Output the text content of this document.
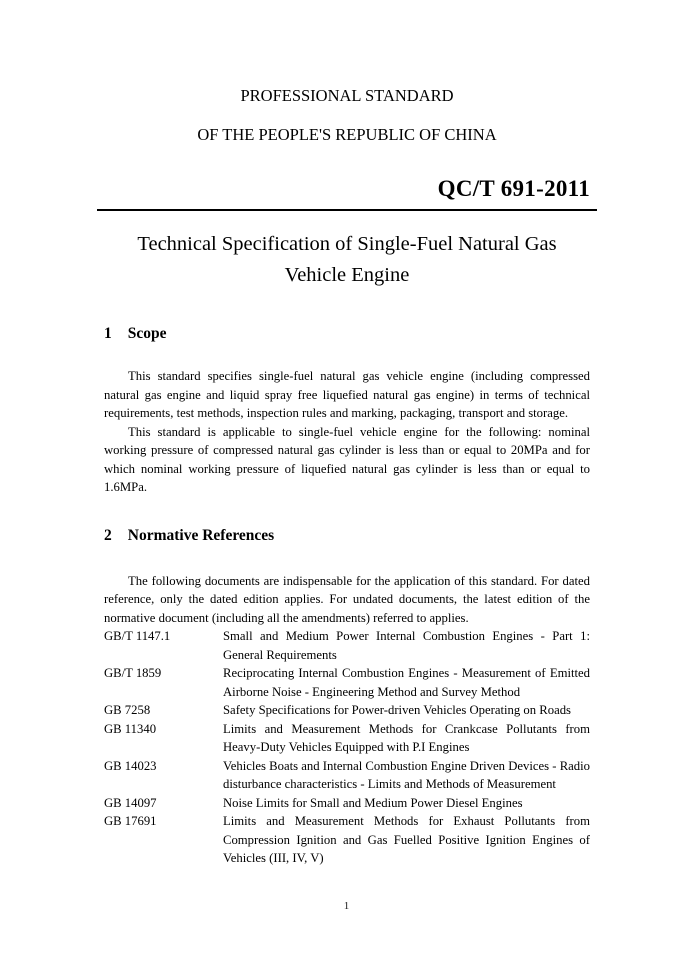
PROFESSIONAL STANDARD
OF THE PEOPLE'S REPUBLIC OF CHINA
QC/T 691-2011
Technical Specification of Single-Fuel Natural Gas
Vehicle Engine
1 Scope

This standard specifies single-fuel natural gas vehicle engine (including compressed natural gas engine and liquid spray free liquefied natural gas engine) in terms of technical requirements, test methods, inspection rules and marking, packaging, transport and storage.

This standard is applicable to single-fuel vehicle engine for the following: nominal working pressure of compressed natural gas cylinder is less than or equal to 20MPa and for which nominal working pressure of liquefied natural gas cylinder is less than or equal to 1.6MPa.

2 Normative References

The following documents are indispensable for the application of this standard. For dated reference, only the dated edition applies. For undated documents, the latest edition of the normative document (including all the amendments) referred to applies.

GB/T 1147.1	Small and Medium Power Internal Combustion Engines - Part 1: General Requirements
GB/T 1859	Reciprocating Internal Combustion Engines - Measurement of Emitted Airborne Noise - Engineering Method and Survey Method
GB 7258	Safety Specifications for Power-driven Vehicles Operating on Roads
GB 11340	Limits and Measurement Methods for Crankcase Pollutants from Heavy-Duty Vehicles Equipped with P.I Engines
GB 14023	Vehicles Boats and Internal Combustion Engine Driven Devices - Radio disturbance characteristics - Limits and Methods of Measurement
GB 14097	Noise Limits for Small and Medium Power Diesel Engines
GB 17691	Limits and Measurement Methods for Exhaust Pollutants from Compression Ignition and Gas Fuelled Positive Ignition Engines of Vehicles (III, IV, V)
1
